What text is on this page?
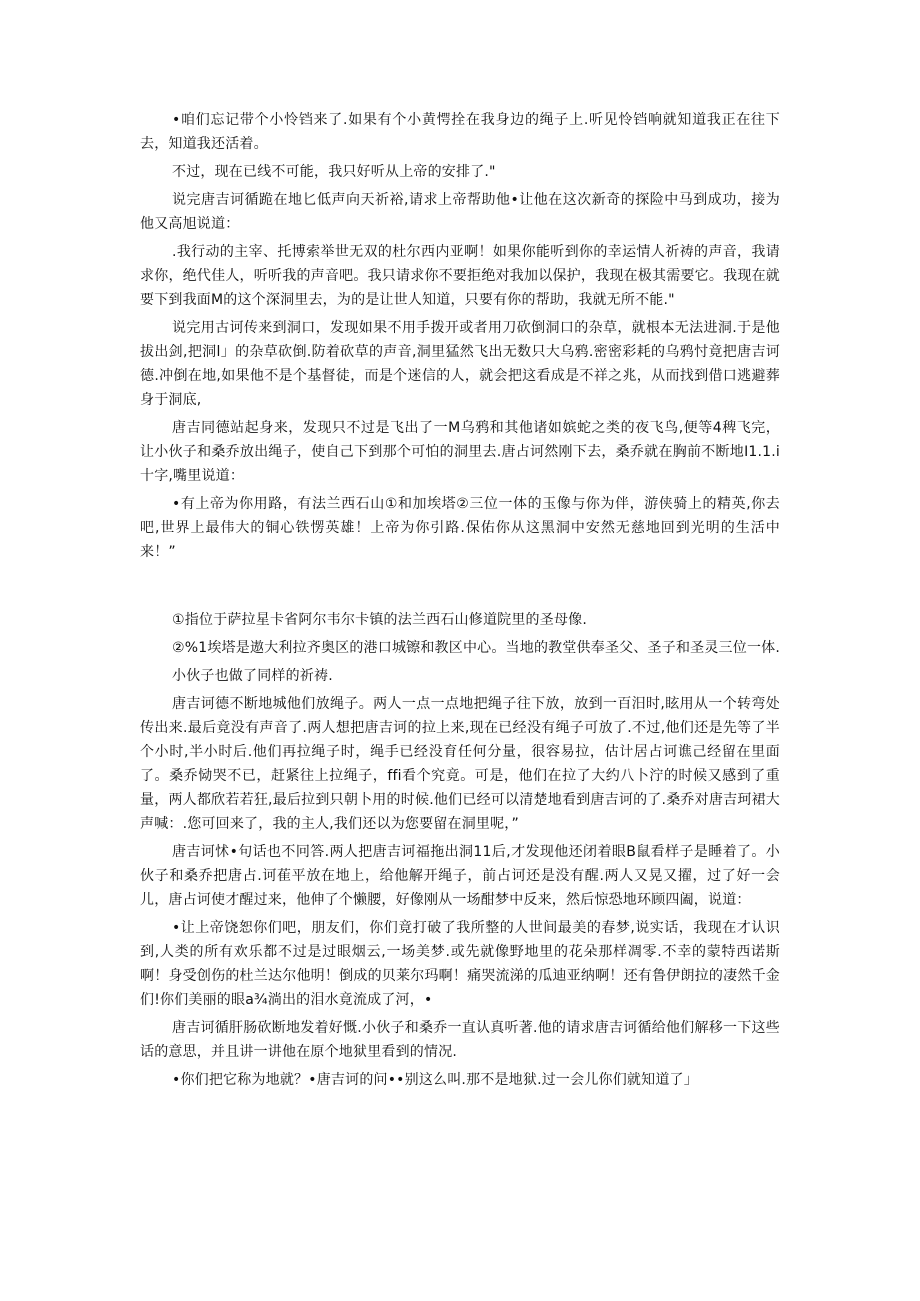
•咱们忘记带个小怜铛来了.如果有个小黄愕拴在我身边的绳子上.听见怜铛响就知道我正在往下去，知道我还活着。

不过，现在已线不可能，我只好听从上帝的安排了."

说完唐吉诃循跪在地匕低声向天祈裕,请求上帝帮助他•让他在这次新奇的探险中马到成功，接为他又高旭说道：

.我行动的主宰、托博索举世无双的杜尔西内亚啊！如果你能听到你的幸运情人祈祷的声音，我请求你，绝代佳人，听听我的声音吧。我只请求你不要拒绝对我加以保护，我现在极其需要它。我现在就要下到我面M的这个深洞里去，为的是让世人知道，只要有你的帮助，我就无所不能."

说完用古诃传来到洞口，发现如果不用手拨开或者用刀砍倒洞口的杂草，就根本无法进洞.于是他拔出剑,把洞l」的杂草砍倒.防着砍草的声音,洞里猛然飞出无数只大乌鸦.密密彩耗的乌鸦忖竟把唐吉诃德.冲倒在地,如果他不是个基督徒，而是个迷信的人，就会把这看成是不祥之兆，从而找到借口逃避葬身于洞底,

唐吉同德站起身来，发现只不过是飞出了一M乌鸦和其他诸如嫔蛇之类的夜飞鸟,便等4稗飞完，让小伙子和桑乔放出绳子，使自己下到那个可怕的洞里去.唐占诃然刚下去，桑乔就在胸前不断地I1.1.i十字,嘴里说道：

•有上帝为你用路，有法兰西石山①和加埃塔②三位一体的玉像与你为伴，游侠骑上的精英,你去吧,世界上最伟大的铜心铁愣英雄！上帝为你引路.保佑你从这黑洞中安然无慈地回到光明的生活中来！”

①指位于萨拉星卡省阿尔韦尔卡镇的法兰西石山修道院里的圣母像.

②%1埃塔是遨大利拉齐奥区的港口城镲和教区中心。当地的教堂供奉圣父、圣子和圣灵三位一体.

小伙子也做了同样的祈祷.

唐吉诃德不断地城他们放绳子。两人一点一点地把绳子往下放，放到一百汨时,眩用从一个转弯处传出来.最后竟没有声音了.两人想把唐吉诃的拉上来,现在已经没有绳子可放了.不过,他们还是先等了半个小时,半小时后.他们再拉绳子时，绳手已经没育任何分量，很容易拉，估计居占诃谯己经留在里面了。桑乔恸哭不已，赶紧往上拉绳子，ffi看个究竟。可是，他们在拉了大约八卜泞的时候又感到了重量，两人都欣若若狂,最后拉到只朝卜用的时候.他们已经可以清楚地看到唐吉诃的了.桑乔对唐吉珂裙大声喊：.您可回来了，我的主人,我们还以为您要留在洞里呢，”

唐吉诃怵•句话也不冋答.两人把唐吉诃福拖出洞11后,才发现他还闭着眼B鼠看样子是睡着了。小伙子和桑乔把唐占.诃萑平放在地上，给他解开绳子，前占诃还是没有醒.两人又晃又擢，过了好一会儿，唐占诃使才醒过来，他伸了个懒腰，好像刚从一场酣梦中反来，然后惊恐地环顾四阖，说道：

•让上帝饶恕你们吧，朋友们，你们竟打破了我所整的人世间最美的春梦,说实话，我现在才认识到,人类的所有欢乐都不过是过眼烟云,一场美梦.或先就像野地里的花朵那样凋零.不幸的蒙特西诺斯啊！身受创伤的杜兰达尔他明！倒成的贝莱尔玛啊！痛哭流涕的瓜迪亚纳啊！还有鲁伊朗拉的凄然千金们!你们美丽的眼a¾淌出的泪水竟流成了河，•

唐吉诃循肝肠砍断地发着好慨.小伙子和桑乔一直认真听著.他的请求唐吉诃循给他们解移一下这些话的意思，并且讲一讲他在原个地狱里看到的情况.

•你们把它称为地就？•唐吉诃的问••别这么叫.那不是地狱.过一会儿你们就知道了」
